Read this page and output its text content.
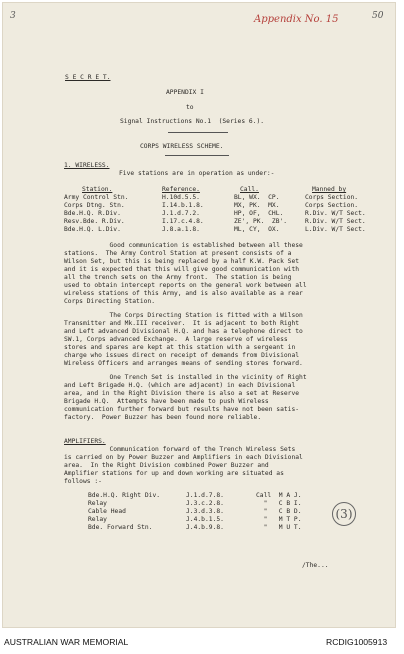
3	Appendix No. 15	50
S E C R E T.
APPENDIX I
to
Signal Instructions No.1  (Series 6.).
CORPS WIRELESS SCHEME.
1. WIRELESS.
Five stations are in operation as under:-
Station.	Reference.	Call.	Manned by
Army Control Stn.	H.10d.5.5.	BL, WX.  CP.	Corps Section.
Corps Dtng. Stn.	I.14.b.1.8.	MX, PK.  MX.	Corps Section.
Bde.H.Q. R.Div.	J.1.d.7.2.	HP, OF,  CHL.	R.Div. W/T Sect.
Resv.Bde. R.Div.	I.17.c.4.8.	ZE', PK.  ZB'.	R.Div. W/T Sect.
Bde.H.Q. L.Div.	J.8.a.1.8.	ML, CY,  OX.	L.Div. W/T Sect.
Good communication is established between all these
stations.  The Army Control Station at present consists of a
Wilson Set, but this is being replaced by a half K.W. Pack Set
and it is expected that this will give good communication with
all the trench sets on the Army front.  The station is being
used to obtain intercept reports on the general work between all
wireless stations of this Army, and is also available as a rear
Corps Directing Station.
The Corps Directing Station is fitted with a Wilson
Transmitter and Mk.III receiver.  It is adjacent to both Right
and Left advanced Divisional H.Q. and has a telephone direct to
SW.1, Corps advanced Exchange.  A large reserve of wireless
stores and spares are kept at this station with a sergeant in
charge who issues direct on receipt of demands from Divisional
Wireless Officers and arranges means of sending stores forward.
One Trench Set is installed in the vicinity of Right
and Left Brigade H.Q. (which are adjacent) in each Divisional
area, and in the Right Division there is also a set at Reserve
Brigade H.Q.  Attempts have been made to push Wireless
communication further forward but results have not been satis-
factory.  Power Buzzer has been found more reliable.
AMPLIFIERS.
Communication forward of the Trench Wireless Sets
is carried on by Power Buzzer and Amplifiers in each Divisional
area.  In the Right Division combined Power Buzzer and
Amplifier stations for up and down working are situated as
follows :-
Bde.H.Q. Right Div.	J.1.d.7.8.	Call  M A J.
Relay	J.3.c.2.8.	"   C B I.
Cable Head	J.3.d.3.8.	"   C B D.
Relay	J.4.b.1.5.	"   M T P.
Bde. Forward Stn.	J.4.b.9.8.	"   M U T.
(3)
/The...
AUSTRALIAN WAR MEMORIAL	RCDIG1005913
